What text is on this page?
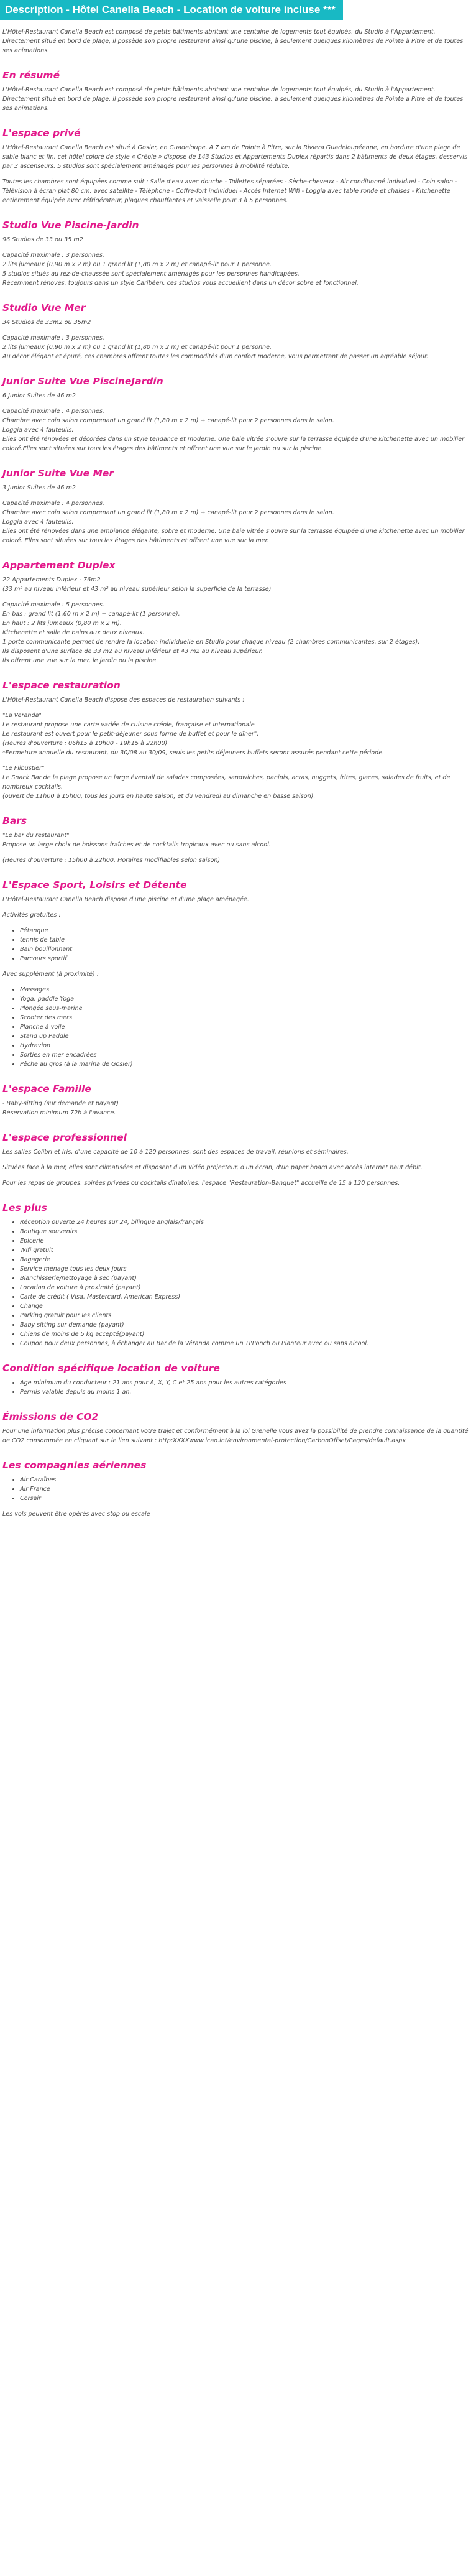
Description - Hôtel Canella Beach - Location de voiture incluse ***

L'Hôtel-Restaurant Canella Beach est composé de petits bâtiments abritant une centaine de logements tout équipés, du Studio à l'Appartement. Directement situé en bord de plage, il possède son propre restaurant ainsi qu'une piscine, à seulement quelques kilomètres de Pointe à Pitre et de toutes ses animations.

En résumé

L'Hôtel-Restaurant Canella Beach est composé de petits bâtiments abritant une centaine de logements tout équipés, du Studio à l'Appartement. Directement situé en bord de plage, il possède son propre restaurant ainsi qu'une piscine, à seulement quelques kilomètres de Pointe à Pitre et de toutes ses animations.

L'espace privé

L'Hôtel-Restaurant Canella Beach est situé à Gosier, en Guadeloupe. A 7 km de Pointe à Pitre, sur la Riviera Guadeloupéenne, en bordure d'une plage de sable blanc et fin, cet hôtel coloré de style « Créole » dispose de 143 Studios et Appartements Duplex répartis dans 2 bâtiments de deux étages, desservis par 3 ascenseurs. 5 studios sont spécialement aménagés pour les personnes à mobilité réduite.

Toutes les chambres sont équipées comme suit : Salle d'eau avec douche - Toilettes séparées - Sèche-cheveux - Air conditionné individuel - Coin salon - Télévision à écran plat 80 cm, avec satellite - Téléphone - Coffre-fort individuel - Accès Internet Wifi - Loggia avec table ronde et chaises - Kitchenette entièrement équipée avec réfrigérateur, plaques chauffantes et vaisselle pour 3 à 5 personnes.

Studio Vue Piscine-Jardin

96 Studios de 33 ou 35 m2

Capacité maximale : 3 personnes.
2 lits jumeaux (0,90 m x 2 m) ou 1 grand lit (1,80 m x 2 m) et canapé-lit pour 1 personne.
5 studios situés au rez-de-chaussée sont spécialement aménagés pour les personnes handicapées.
Récemment rénovés, toujours dans un style Caribéen, ces studios vous accueillent dans un décor sobre et fonctionnel.

Studio Vue Mer

34 Studios de 33m2 ou 35m2

Capacité maximale : 3 personnes.
2 lits jumeaux (0,90 m x 2 m) ou 1 grand lit (1,80 m x 2 m) et canapé-lit pour 1 personne.
Au décor élégant et épuré, ces chambres offrent toutes les commodités d'un confort moderne, vous permettant de passer un agréable séjour.

Junior Suite Vue PiscineJardin

6 Junior Suites de 46 m2

Capacité maximale : 4 personnes.
Chambre avec coin salon comprenant un grand lit (1,80 m x 2 m) + canapé-lit pour 2 personnes dans le salon.
Loggia avec 4 fauteuils.
Elles ont été rénovées et décorées dans un style tendance et moderne. Une baie vitrée s'ouvre sur la terrasse équipée d'une kitchenette avec un mobilier coloré.Elles sont situées sur tous les étages des bâtiments et offrent une vue sur le jardin ou sur la piscine.

Junior Suite Vue Mer

3 Junior Suites de 46 m2

Capacité maximale : 4 personnes.
Chambre avec coin salon comprenant un grand lit (1,80 m x 2 m) + canapé-lit pour 2 personnes dans le salon.
Loggia avec 4 fauteuils.
Elles ont été rénovées dans une ambiance élégante, sobre et moderne. Une baie vitrée s'ouvre sur la terrasse équipée d'une kitchenette avec un mobilier coloré. Elles sont situées sur tous les étages des bâtiments et offrent une vue sur la mer.

Appartement Duplex

22 Appartements Duplex - 76m2
(33 m² au niveau inférieur et 43 m² au niveau supérieur selon la superficie de la terrasse)

Capacité maximale : 5 personnes.
En bas : grand lit (1,60 m x 2 m) + canapé-lit (1 personne).
En haut : 2 lits jumeaux (0,80 m x 2 m).
Kitchenette et salle de bains aux deux niveaux.
1 porte communicante permet de rendre la location individuelle en Studio pour chaque niveau (2 chambres communicantes, sur 2 étages).
Ils disposent d'une surface de 33 m2 au niveau inférieur et 43 m2 au niveau supérieur.
Ils offrent une vue sur la mer, le jardin ou la piscine.

L'espace restauration

L'Hôtel-Restaurant Canella Beach dispose des espaces de restauration suivants :

"La Veranda"
Le restaurant propose une carte variée de cuisine créole, française et internationale
Le restaurant est ouvert pour le petit-déjeuner sous forme de buffet et pour le dîner".
(Heures d'ouverture : 06h15 à 10h00 - 19h15 à 22h00)
*Fermeture annuelle du restaurant, du 30/08 au 30/09, seuls les petits déjeuners buffets seront assurés pendant cette période.

"Le Flibustier"
Le Snack Bar de la plage propose un large éventail de salades composées, sandwiches, paninis, acras, nuggets, frites, glaces, salades de fruits, et de nombreux cocktails.
(ouvert de 11h00 à 15h00, tous les jours en haute saison, et du vendredi au dimanche en basse saison).

Bars

"Le bar du restaurant"
Propose un large choix de boissons fraîches et de cocktails tropicaux avec ou sans alcool.

(Heures d'ouverture : 15h00 à 22h00. Horaires modifiables selon saison)

L'Espace Sport, Loisirs et Détente

L'Hôtel-Restaurant Canella Beach dispose d'une piscine et d'une plage aménagée.

Activités gratuites :

• Pétanque
• tennis de table
• Bain bouillonnant
• Parcours sportif

Avec supplément (à proximité) :

• Massages
• Yoga, paddle Yoga
• Plongée sous-marine
• Scooter des mers
• Planche à voile
• Stand up Paddle
• Hydravion
• Sorties en mer encadrées
• Pêche au gros (à la marina de Gosier)
L'espace Famille

- Baby-sitting (sur demande et payant)
Réservation minimum 72h à l'avance.

L'espace professionnel

Les salles Colibri et Iris, d'une capacité de 10 à 120 personnes, sont des espaces de travail, réunions et séminaires.

Situées face à la mer, elles sont climatisées et disposent d'un vidéo projecteur, d'un écran, d'un paper board avec accès internet haut débit.

Pour les repas de groupes, soirées privées ou cocktails dînatoires, l'espace "Restauration-Banquet" accueille de 15 à 120 personnes.

Les plus
• Réception ouverte 24 heures sur 24, bilingue anglais/français
• Boutique souvenirs
• Epicerie
• Wifi gratuit
• Bagagerie
• Service ménage tous les deux jours
• Blanchisserie/nettoyage à sec (payant)
• Location de voiture à proximité (payant)
• Carte de crédit ( Visa, Mastercard, American Express)
• Change
• Parking gratuit pour les clients
• Baby sitting sur demande (payant)
• Chiens de moins de 5 kg accepté(payant)
• Coupon pour deux personnes, à échanger au Bar de la Véranda comme un Ti'Ponch ou Planteur avec ou sans alcool.
Condition spécifique location de voiture
• Age minimum du conducteur : 21 ans pour A, X, Y, C et 25 ans pour les autres catégories
• Permis valable depuis au moins 1 an.
Émissions de CO2

Pour une information plus précise concernant votre trajet et conformément à la loi Grenelle vous avez la possibilité de prendre connaissance de la quantité de CO2 consommée en cliquant sur le lien suivant : http:XXXXwww.icao.int/environmental-protection/CarbonOffset/Pages/default.aspx

Les compagnies aériennes
• Air Caraïbes
• Air France
• Corsair

Les vols peuvent être opérés avec stop ou escale
